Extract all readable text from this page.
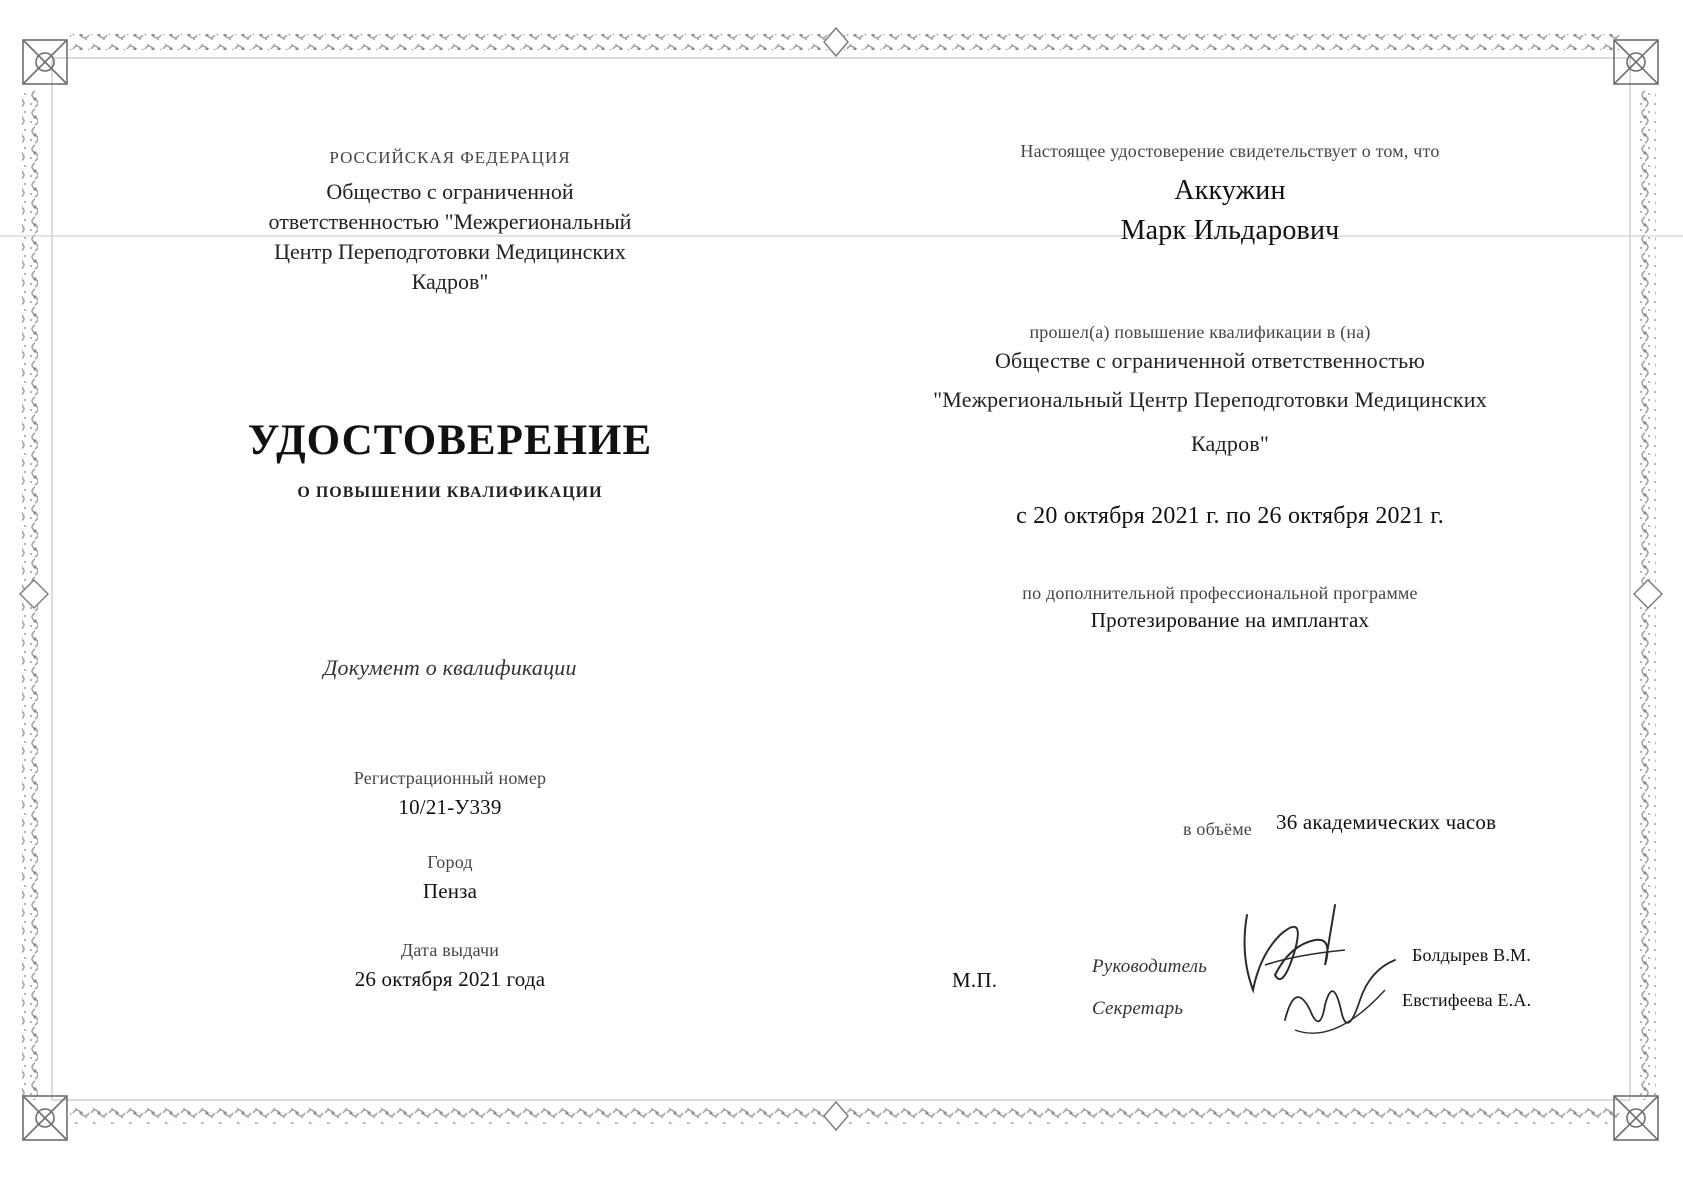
РОССИЙСКАЯ ФЕДЕРАЦИЯ
Общество с ограниченной
ответственностью "Межрегиональный
Центр Переподготовки Медицинских
Кадров"
УДОСТОВЕРЕНИЕ
О ПОВЫШЕНИИ КВАЛИФИКАЦИИ
Документ о квалификации
Регистрационный номер
10/21-У339
Город
Пенза
Дата выдачи
26 октября 2021 года
Настоящее удостоверение свидетельствует о том, что
Аккужин
Марк Ильдарович
прошел(а) повышение квалификации в (на)
Обществе с ограниченной ответственностью
"Межрегиональный Центр Переподготовки Медицинских
Кадров"
с 20 октября 2021 г. по 26 октября 2021 г.
по дополнительной профессиональной программе
Протезирование на имплантах
в объёме	36 академических часов
М.П.
Руководитель
Секретарь
Болдырев В.М.
Евстифеева Е.А.
